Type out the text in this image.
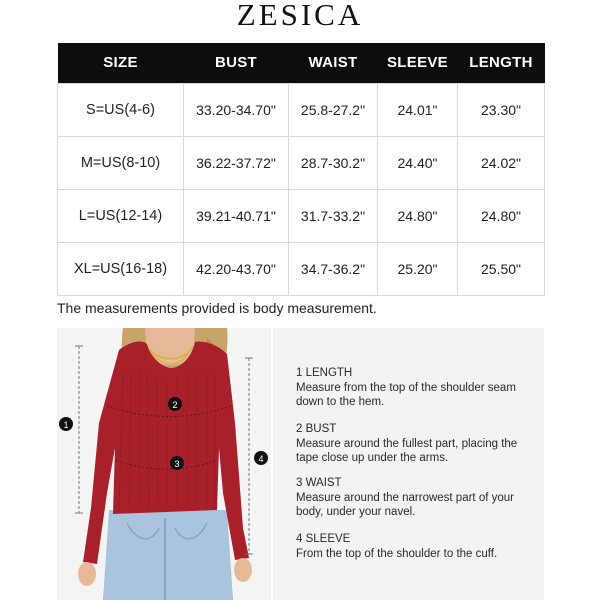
ZESICA
SIZE	BUST	WAIST	SLEEVE	LENGTH
S=US(4-6)	33.20-34.70"	25.8-27.2"	24.01"	23.30"
M=US(8-10)	36.22-37.72"	28.7-30.2"	24.40"	24.02"
L=US(12-14)	39.21-40.71"	31.7-33.2"	24.80"	24.80"
XL=US(16-18)	42.20-43.70"	34.7-36.2"	25.20"	25.50"
The measurements provided is body measurement.
1
2
3	4
1 LENGTH
Measure from the top of the shoulder seam down to the hem.
2 BUST
Measure around the fullest part, placing the tape close up under the arms.
3 WAIST
Measure around the narrowest part of your body, under your navel.
4 SLEEVE
From the top of the shoulder to the cuff.
